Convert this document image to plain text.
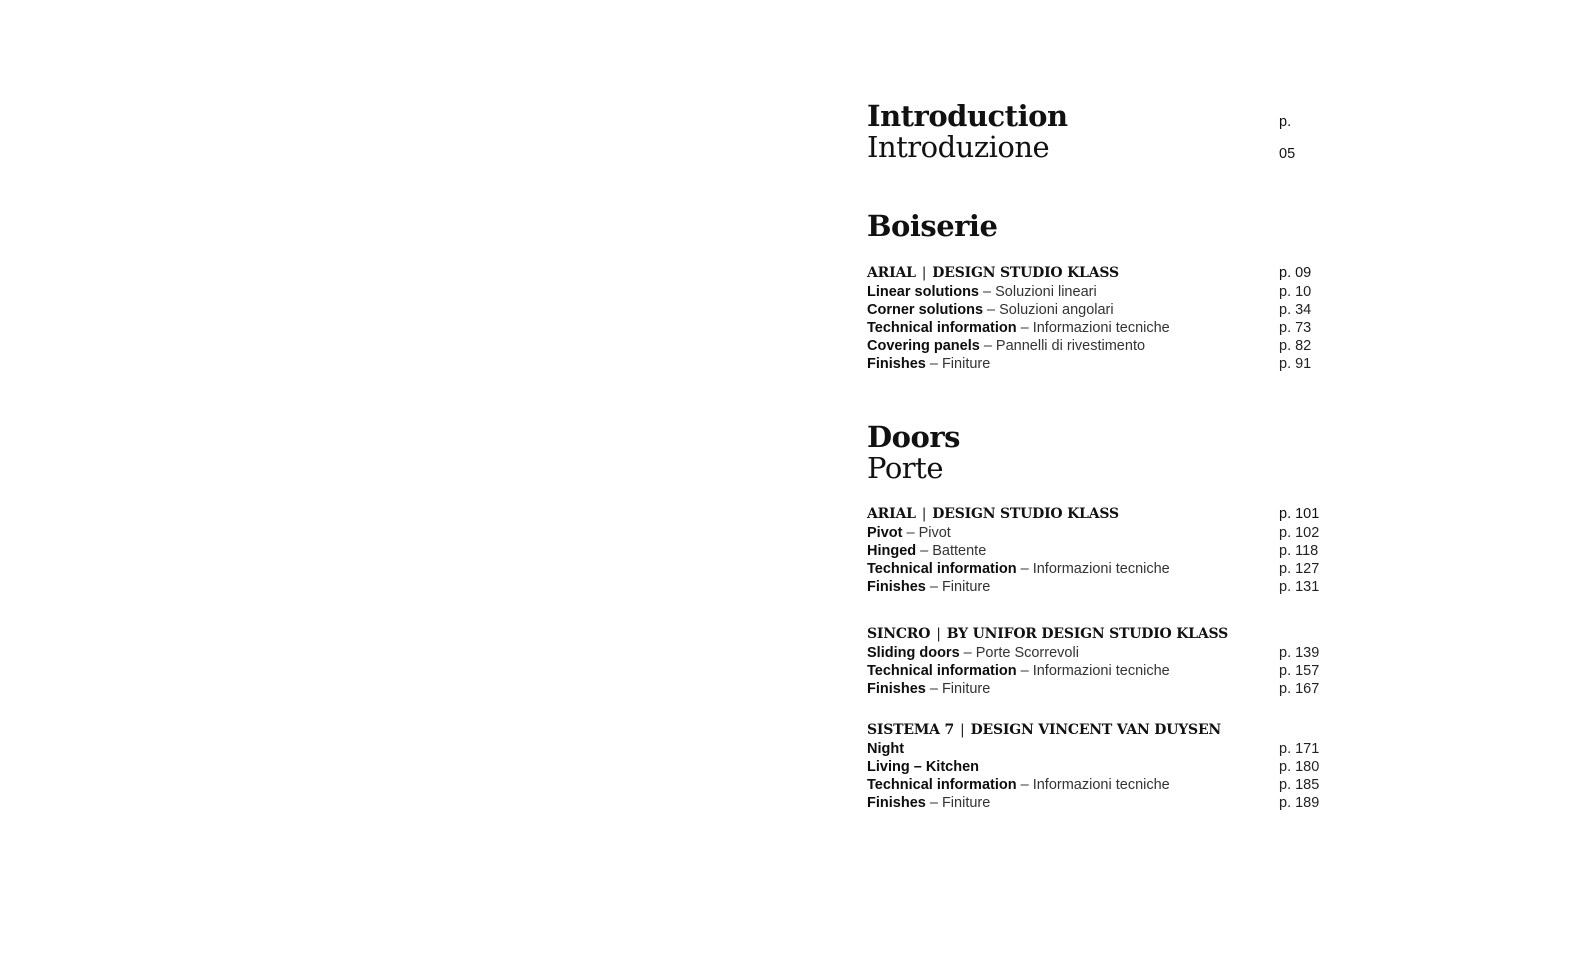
Introduction	p. 05
Introduzione
Boiserie
ARIAL | DESIGN STUDIO KLASS	p. 09
Linear solutions – Soluzioni lineari	p. 10
Corner solutions – Soluzioni angolari	p. 34
Technical information – Informazioni tecniche	p. 73
Covering panels – Pannelli di rivestimento	p. 82
Finishes – Finiture	p. 91
Doors
Porte
ARIAL | DESIGN STUDIO KLASS	p. 101
Pivot – Pivot	p. 102
Hinged – Battente	p. 118
Technical information – Informazioni tecniche	p. 127
Finishes – Finiture	p. 131
SINCRO | BY UNIFOR DESIGN STUDIO KLASS
Sliding doors – Porte Scorrevoli	p. 139
Technical information – Informazioni tecniche	p. 157
Finishes – Finiture	p. 167
SISTEMA 7 | DESIGN VINCENT VAN DUYSEN
Night	p. 171
Living – Kitchen	p. 180
Technical information – Informazioni tecniche	p. 185
Finishes – Finiture	p. 189
